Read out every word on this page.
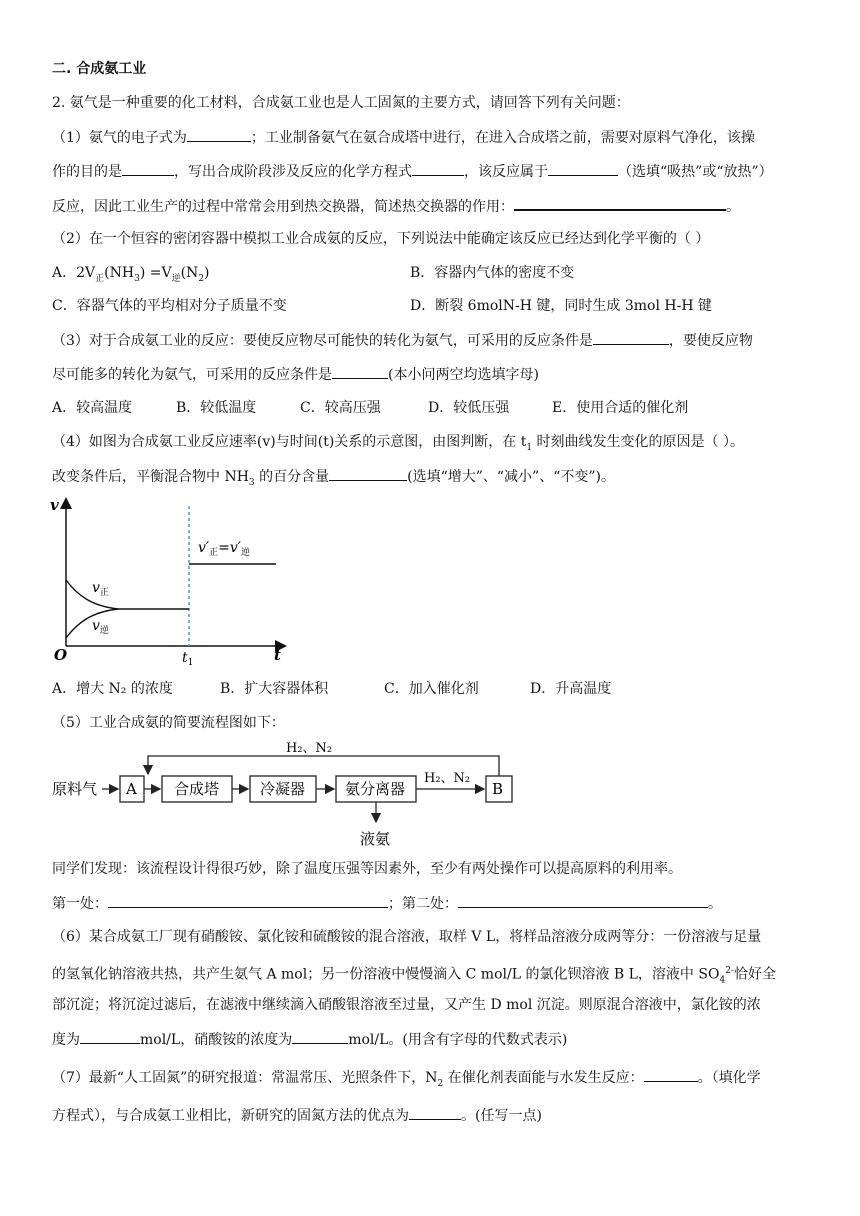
二. 合成氨工业
2. 氨气是一种重要的化工材料，合成氨工业也是人工固氮的主要方式，请回答下列有关问题：
（1）氨气的电子式为	；工业制备氨气在氨合成塔中进行，在进入合成塔之前，需要对原料气净化，该操
作的目的是	，写出合成阶段涉及反应的化学方程式	，该反应属于	（选填“吸热”或“放热”）
反应，因此工业生产的过程中常常会用到热交换器，简述热交换器的作用：	。
（2）在一个恒容的密闭容器中模拟工业合成氨的反应，下列说法中能确定该反应已经达到化学平衡的（ ）
A．$2V_正(NH_3) =V_逆(N_2)$	B．容器内气体的密度不变
C．容器气体的平均相对分子质量不变	D．断裂 6molN-H 键，同时生成 3mol H-H 键
（3）对于合成氨工业的反应：要使反应物尽可能快的转化为氨气，可采用的反应条件是	，要使反应物
尽可能多的转化为氨气，可采用的反应条件是	(本小问两空均选填字母)
A．较高温度	B．较低温度	C．较高压强	D．较低压强	E．使用合适的催化剂
（4）如图为合成氨工业反应速率(v)与时间(t)关系的示意图，由图判断，在 $t_1$ 时刻曲线发生变化的原因是（ ）。
改变条件后，平衡混合物中 $NH_3$ 的百分含量	(选填“增大”、“减小”、“不变”)。
v
t
O	$t_1$
$v_正$
$v_逆$
$v'_正=v'_逆$
A．增大 N₂ 的浓度	B．扩大容器体积	C．加入催化剂	D．升高温度
（5）工业合成氨的简要流程图如下：
原料气 A 合成塔	冷凝器	氨分离器
H₂、N₂
B
H₂、N₂
液氨
同学们发现：该流程设计得很巧妙，除了温度压强等因素外，至少有两处操作可以提高原料的利用率。
第一处：	；第二处：	。
（6）某合成氨工厂现有硝酸铵、氯化铵和硫酸铵的混合溶液，取样 V L，将样品溶液分成两等分：一份溶液与足量
的氢氧化钠溶液共热，共产生氨气 A mol；另一份溶液中慢慢滴入 C mol/L 的氯化钡溶液 B L，溶液中 $SO_4^{2-}$恰好全
部沉淀；将沉淀过滤后，在滤液中继续滴入硝酸银溶液至过量，又产生 D mol 沉淀。则原混合溶液中，氯化铵的浓
度为	mol/L，硝酸铵的浓度为	mol/L。(用含有字母的代数式表示)
（7）最新“人工固氮”的研究报道：常温常压、光照条件下，$N_2$ 在催化剂表面能与水发生反应：	。（填化学
方程式），与合成氨工业相比，新研究的固氮方法的优点为	。(任写一点)
